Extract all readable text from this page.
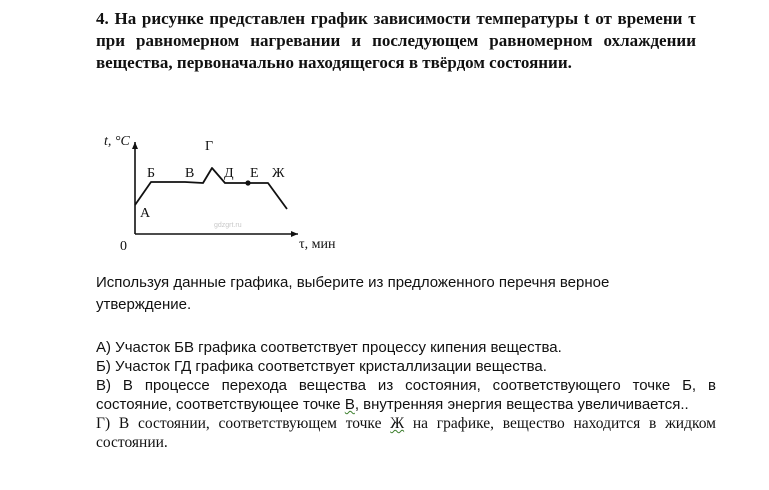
4. На рисунке представлен график зависимости температуры t от времени τ при равномерном нагревании и последующем равномерном охлаждении вещества, первоначально находящегося в твёрдом состоянии.
t, °C
τ, мин
0
gdzgrt.ru
А
Б В
Г
Д Е Ж
Используя данные графика, выберите из предложенного перечня верное утверждение.
А) Участок БВ графика соответствует процессу кипения вещества.
Б) Участок ГД графика соответствует кристаллизации вещества.
В) В процессе перехода вещества из состояния, соответствующего точке Б, в состояние, соответствующее точке В, внутренняя энергия вещества увеличивается..
Г) В состоянии, соответствующем точке Ж на графике, вещество находится в жидком состоянии.
